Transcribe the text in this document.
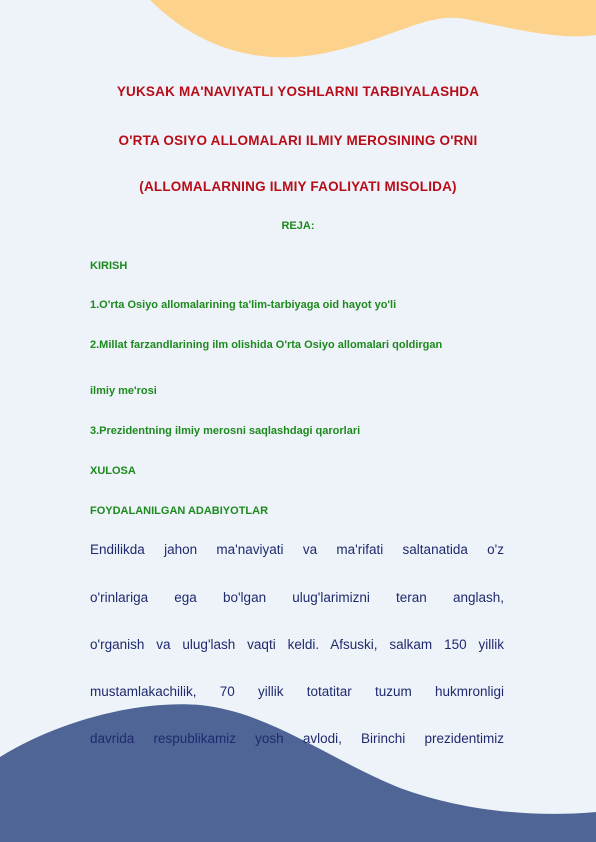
YUKSAK MA'NAVIYATLI YOSHLARNI TARBIYALASHDA

O'RTA OSIYO ALLOMALARI ILMIY MEROSINING O'RNI

(ALLOMALARNING ILMIY FAOLIYATI MISOLIDA)

REJA:

KIRISH

1.O'rta Osiyo allomalarining ta'lim-tarbiyaga oid hayot yo'li

2.Millat farzandlarining ilm olishida O'rta Osiyo allomalari qoldirgan

ilmiy me'rosi

3.Prezidentning ilmiy merosni saqlashdagi qarorlari

XULOSA

FOYDALANILGAN ADABIYOTLAR

Endilikda jahon ma'naviyati va ma'rifati saltanatida o'z

o'rinlariga ega bo'lgan ulug'larimizni teran anglash,

o'rganish va ulug'lash vaqti keldi. Afsuski, salkam 150 yillik

mustamlakachilik, 70 yillik totatitar tuzum hukmronligi

davrida respublikamiz yosh avlodi, Birinchi prezidentimiz
